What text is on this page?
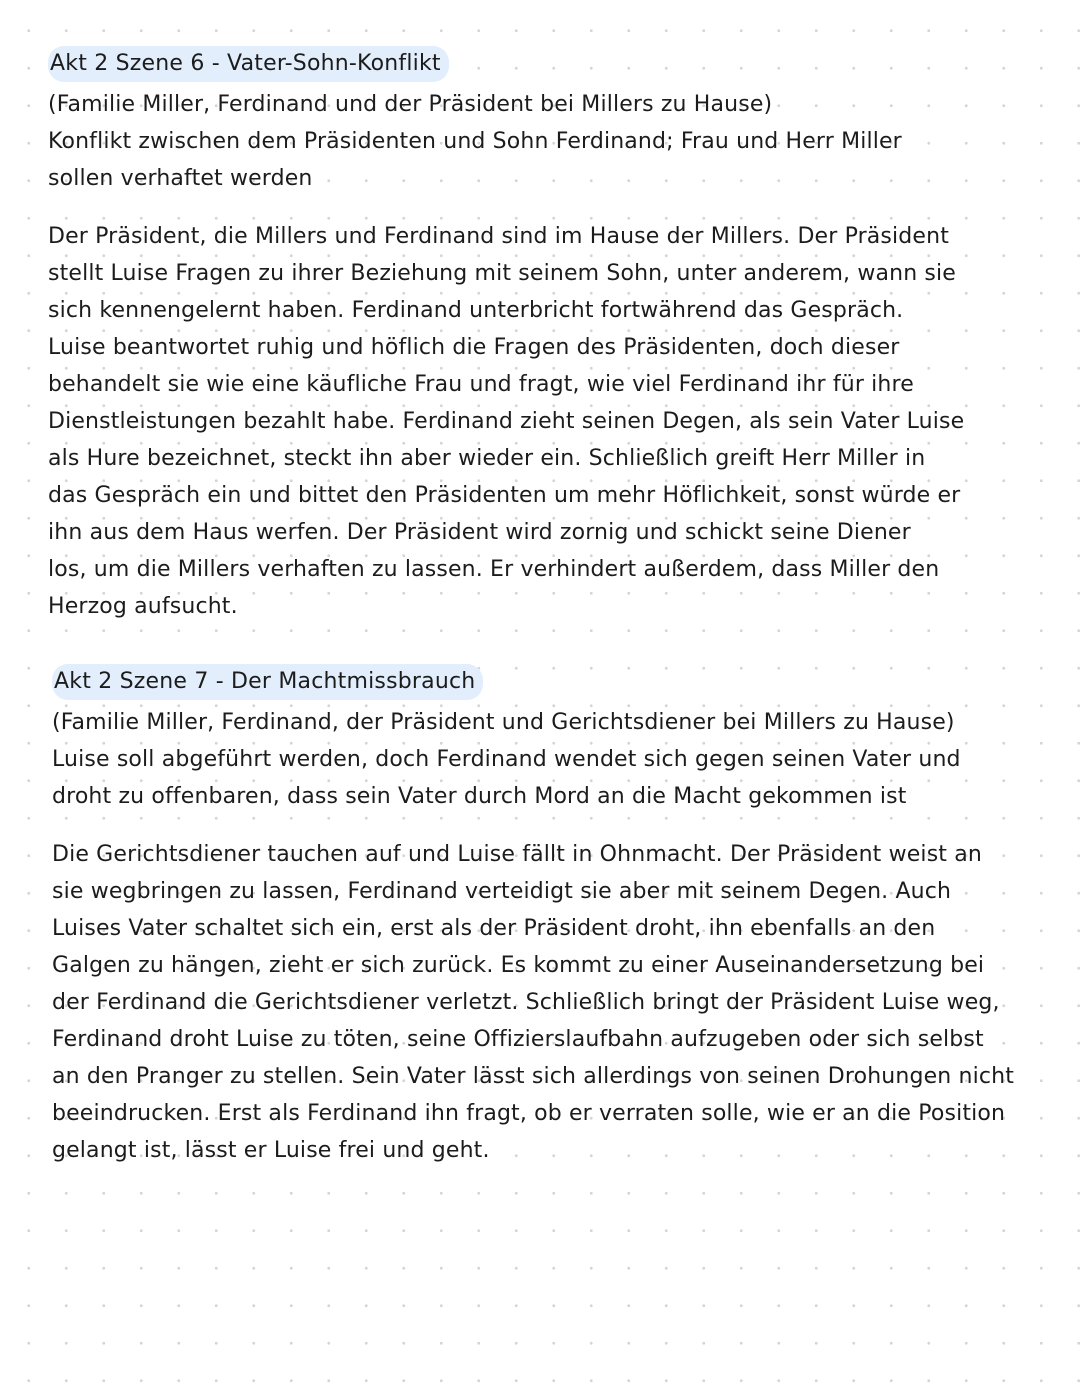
Akt 2 Szene 6 - Vater-Sohn-Konflikt
(Familie Miller, Ferdinand und der Präsident bei Millers zu Hause)
Konflikt zwischen dem Präsidenten und Sohn Ferdinand; Frau und Herr Miller
sollen verhaftet werden
Der Präsident, die Millers und Ferdinand sind im Hause der Millers. Der Präsident
stellt Luise Fragen zu ihrer Beziehung mit seinem Sohn, unter anderem, wann sie
sich kennengelernt haben. Ferdinand unterbricht fortwährend das Gespräch.
Luise beantwortet ruhig und höflich die Fragen des Präsidenten, doch dieser
behandelt sie wie eine käufliche Frau und fragt, wie viel Ferdinand ihr für ihre
Dienstleistungen bezahlt habe. Ferdinand zieht seinen Degen, als sein Vater Luise
als Hure bezeichnet, steckt ihn aber wieder ein. Schließlich greift Herr Miller in
das Gespräch ein und bittet den Präsidenten um mehr Höflichkeit, sonst würde er
ihn aus dem Haus werfen. Der Präsident wird zornig und schickt seine Diener
los, um die Millers verhaften zu lassen. Er verhindert außerdem, dass Miller den
Herzog aufsucht.
Akt 2 Szene 7 - Der Machtmissbrauch
(Familie Miller, Ferdinand, der Präsident und Gerichtsdiener bei Millers zu Hause)
Luise soll abgeführt werden, doch Ferdinand wendet sich gegen seinen Vater und
droht zu offenbaren, dass sein Vater durch Mord an die Macht gekommen ist
Die Gerichtsdiener tauchen auf und Luise fällt in Ohnmacht. Der Präsident weist an
sie wegbringen zu lassen, Ferdinand verteidigt sie aber mit seinem Degen. Auch
Luises Vater schaltet sich ein, erst als der Präsident droht, ihn ebenfalls an den
Galgen zu hängen, zieht er sich zurück. Es kommt zu einer Auseinandersetzung bei
der Ferdinand die Gerichtsdiener verletzt. Schließlich bringt der Präsident Luise weg,
Ferdinand droht Luise zu töten, seine Offizierslaufbahn aufzugeben oder sich selbst
an den Pranger zu stellen. Sein Vater lässt sich allerdings von seinen Drohungen nicht
beeindrucken. Erst als Ferdinand ihn fragt, ob er verraten solle, wie er an die Position
gelangt ist, lässt er Luise frei und geht.
